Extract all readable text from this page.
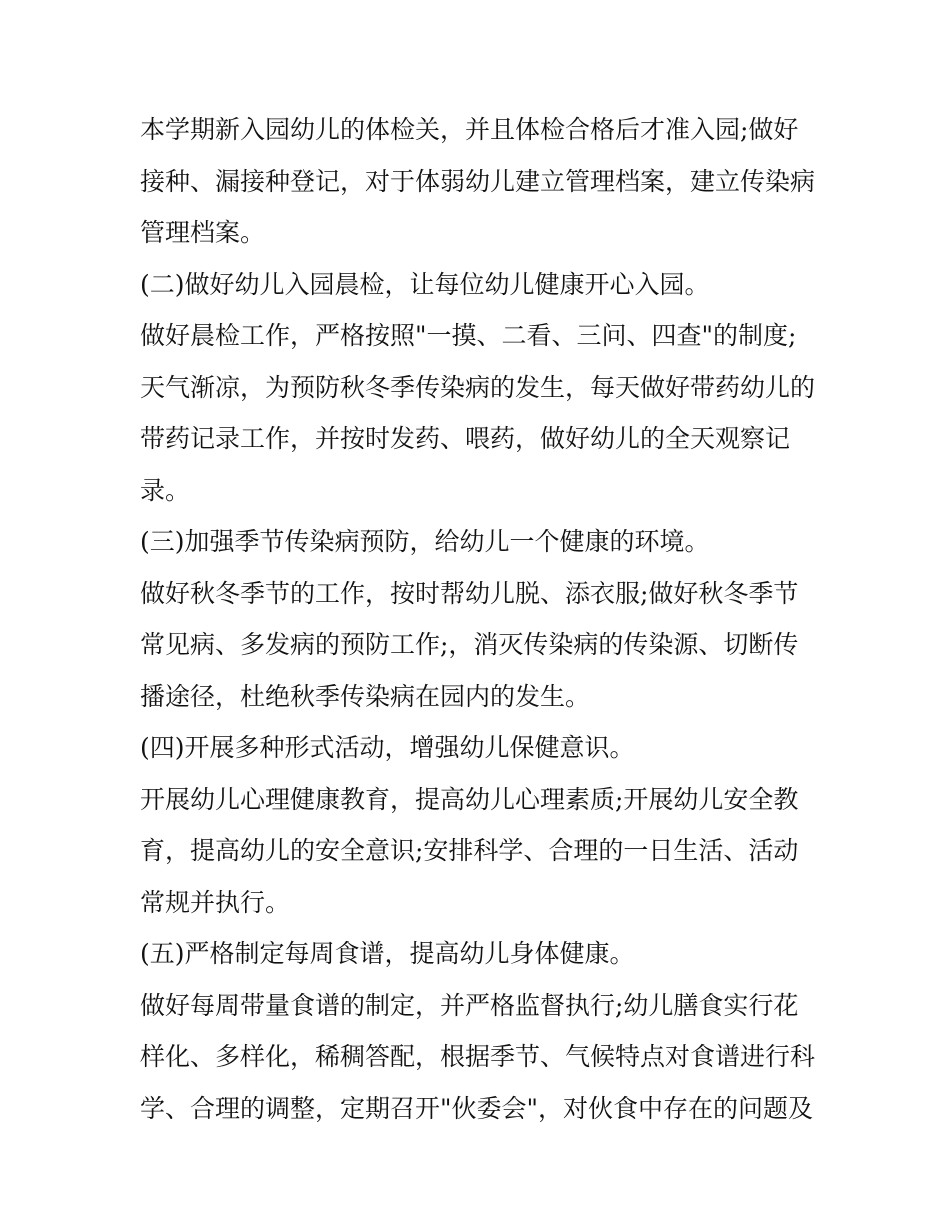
本学期新入园幼儿的体检关，并且体检合格后才准入园;做好

接种、漏接种登记，对于体弱幼儿建立管理档案，建立传染病

管理档案。

(二)做好幼儿入园晨检，让每位幼儿健康开心入园。

做好晨检工作，严格按照"一摸、二看、三问、四查"的制度;

天气渐凉，为预防秋冬季传染病的发生，每天做好带药幼儿的

带药记录工作，并按时发药、喂药，做好幼儿的全天观察记

录。

(三)加强季节传染病预防，给幼儿一个健康的环境。

做好秋冬季节的工作，按时帮幼儿脱、添衣服;做好秋冬季节

常见病、多发病的预防工作;，消灭传染病的传染源、切断传

播途径，杜绝秋季传染病在园内的发生。

(四)开展多种形式活动，增强幼儿保健意识。

开展幼儿心理健康教育，提高幼儿心理素质;开展幼儿安全教

育，提高幼儿的安全意识;安排科学、合理的一日生活、活动

常规并执行。

(五)严格制定每周食谱，提高幼儿身体健康。

做好每周带量食谱的制定，并严格监督执行;幼儿膳食实行花

样化、多样化，稀稠答配，根据季节、气候特点对食谱进行科

学、合理的调整，定期召开"伙委会"，对伙食中存在的问题及
